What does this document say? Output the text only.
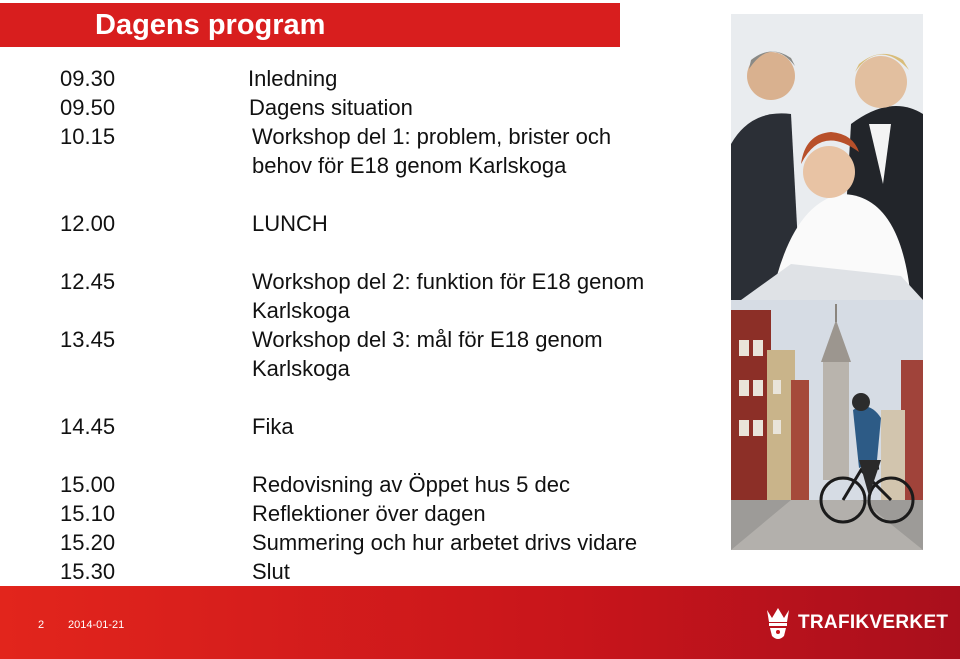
Dagens program
09.30	Inledning
09.50	Dagens situation
10.15	Workshop del 1: problem, brister och behov för E18 genom Karlskoga
12.00	LUNCH
12.45	Workshop del 2: funktion för E18 genom Karlskoga
13.45	Workshop del 3: mål för E18 genom Karlskoga
14.45	Fika
15.00	Redovisning av Öppet hus 5 dec
15.10	Reflektioner över dagen
15.20	Summering och hur arbetet drivs vidare
15.30	Slut
2 2014-01-21	TRAFIKVERKET
